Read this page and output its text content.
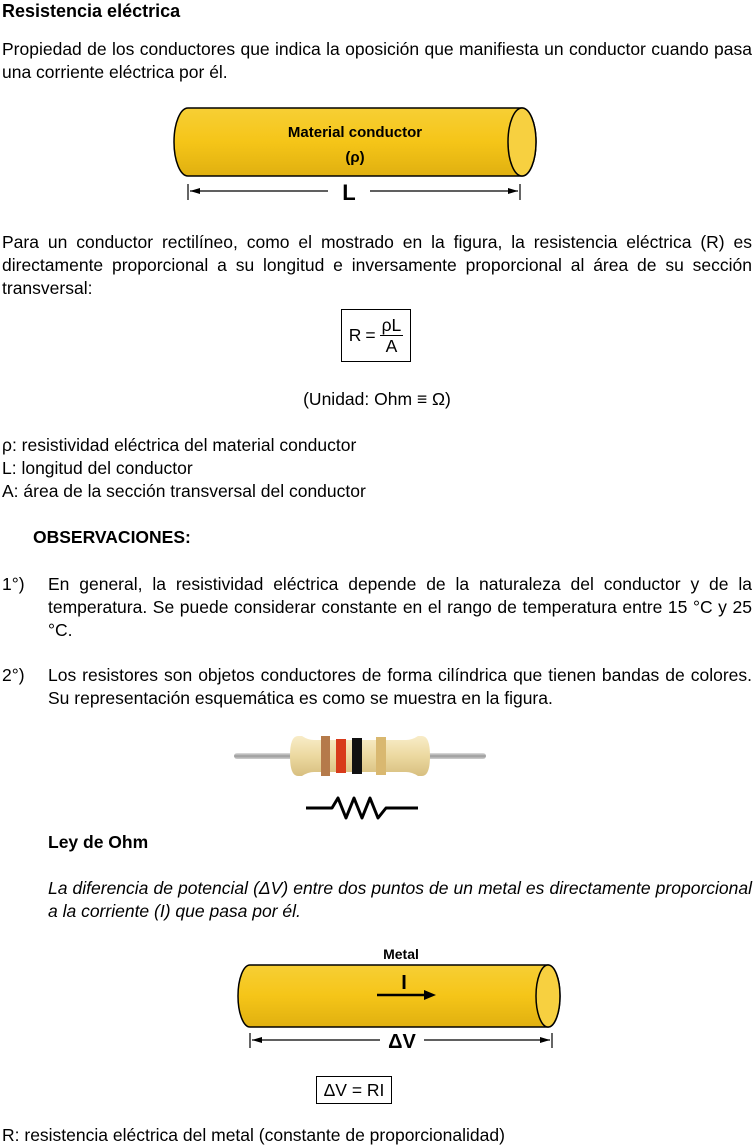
Resistencia eléctrica
Propiedad de los conductores que indica la oposición que manifiesta un conductor cuando pasa una corriente eléctrica por él.
Material conductor
(ρ)
L
Para un conductor rectilíneo, como el mostrado en la figura, la resistencia eléctrica (R) es directamente proporcional a su longitud e inversamente proporcional al área de su sección transversal:
$R = \frac{\rho L}{A}$
(Unidad: Ohm ≡ Ω)
ρ: resistividad eléctrica del material conductor
L: longitud del conductor
A: área de la sección transversal del conductor
OBSERVACIONES:
1°) En general, la resistividad eléctrica depende de la naturaleza del conductor y de la temperatura. Se puede considerar constante en el rango de temperatura entre 15 °C y 25 °C.
2°) Los resistores son objetos conductores de forma cilíndrica que tienen bandas de colores. Su representación esquemática es como se muestra en la figura.
Ley de Ohm
La diferencia de potencial (ΔV) entre dos puntos de un metal es directamente proporcional a la corriente (I) que pasa por él.
Metal
I
ΔV
ΔV = RI
R: resistencia eléctrica del metal (constante de proporcionalidad)
